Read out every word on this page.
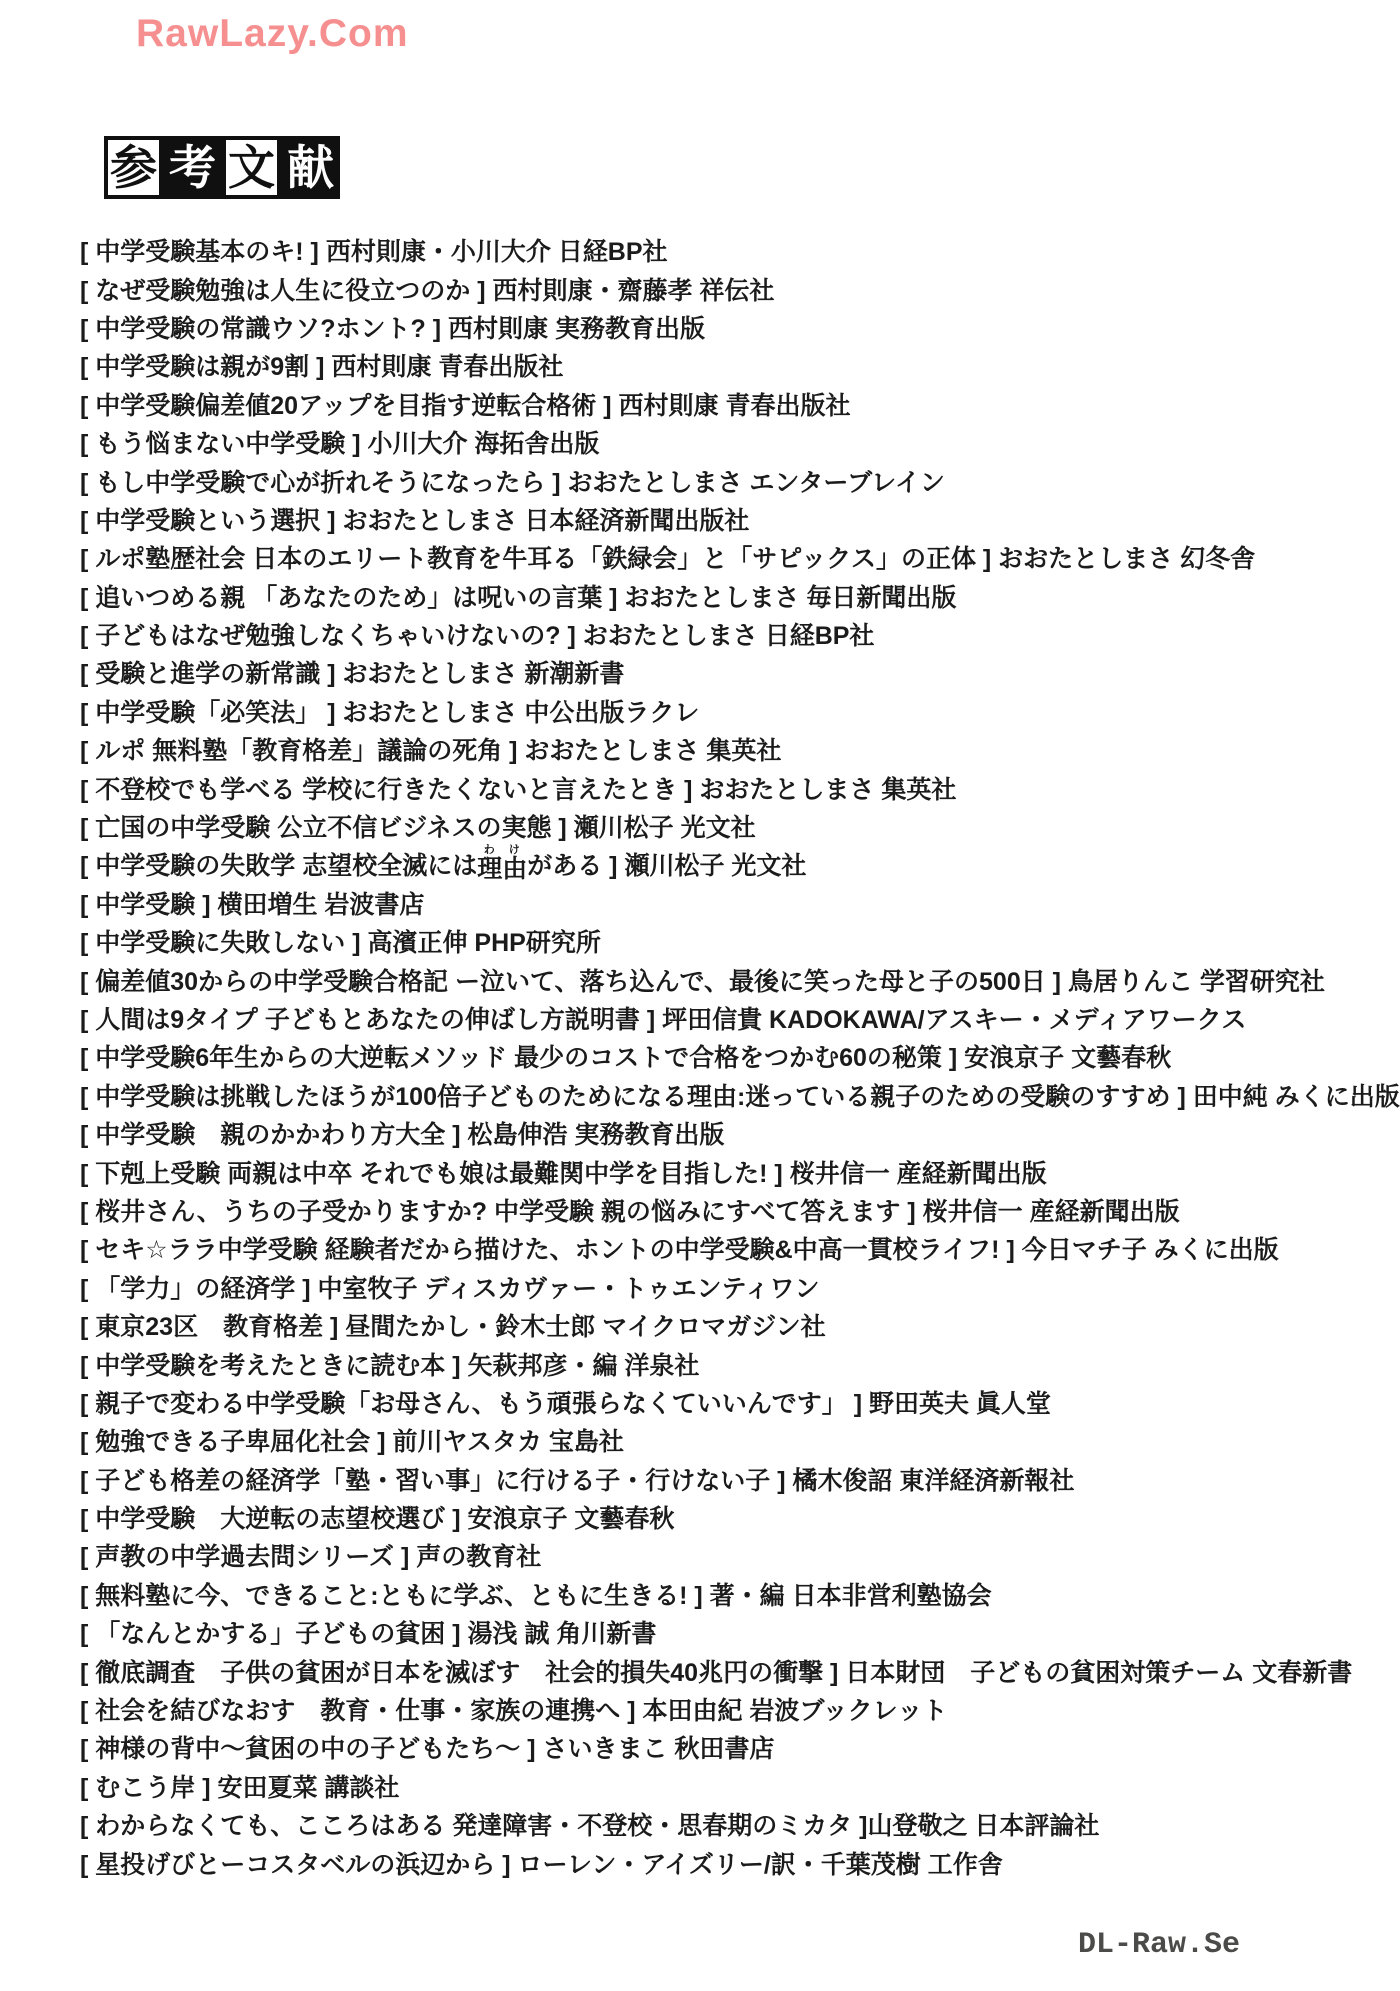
RawLazy.Com
参 考 文 献
[ 中学受験基本のキ! ] 西村則康・小川大介 日経BP社
[ なぜ受験勉強は人生に役立つのか ] 西村則康・齋藤孝 祥伝社
[ 中学受験の常識ウソ?ホント? ] 西村則康 実務教育出版
[ 中学受験は親が9割 ] 西村則康 青春出版社
[ 中学受験偏差値20アップを目指す逆転合格術 ] 西村則康 青春出版社
[ もう悩まない中学受験 ] 小川大介 海拓舎出版
[ もし中学受験で心が折れそうになったら ] おおたとしまさ エンターブレイン
[ 中学受験という選択 ] おおたとしまさ 日本経済新聞出版社
[ ルポ塾歴社会 日本のエリート教育を牛耳る「鉄緑会」と「サピックス」の正体 ] おおたとしまさ 幻冬舎
[ 追いつめる親 「あなたのため」は呪いの言葉 ] おおたとしまさ 毎日新聞出版
[ 子どもはなぜ勉強しなくちゃいけないの? ] おおたとしまさ 日経BP社
[ 受験と進学の新常識 ] おおたとしまさ 新潮新書
[ 中学受験「必笑法」 ] おおたとしまさ 中公出版ラクレ
[ ルポ 無料塾「教育格差」議論の死角 ] おおたとしまさ 集英社
[ 不登校でも学べる 学校に行きたくないと言えたとき ] おおたとしまさ 集英社
[ 亡国の中学受験 公立不信ビジネスの実態 ] 瀬川松子 光文社
[ 中学受験の失敗学 志望校全滅には 理由わけ
がある ] 瀬川松子 光文社
[ 中学受験 ] 横田増生 岩波書店
[ 中学受験に失敗しない ] 高濱正伸 PHP研究所
[ 偏差値30からの中学受験合格記 ー泣いて、落ち込んで、最後に笑った母と子の500日 ] 鳥居りんこ 学習研究社
[ 人間は9タイプ 子どもとあなたの伸ばし方説明書 ] 坪田信貴 KADOKAWA/アスキー・メディアワークス
[ 中学受験6年生からの大逆転メソッド 最少のコストで合格をつかむ60の秘策 ] 安浪京子 文藝春秋
[ 中学受験は挑戦したほうが100倍子どものためになる理由:迷っている親子のための受験のすすめ ] 田中純 みくに出版
[ 中学受験　親のかかわり方大全 ] 松島伸浩 実務教育出版
[ 下剋上受験 両親は中卒 それでも娘は最難関中学を目指した! ] 桜井信一 産経新聞出版
[ 桜井さん、うちの子受かりますか? 中学受験 親の悩みにすべて答えます ] 桜井信一 産経新聞出版
[ セキ☆ララ中学受験 経験者だから描けた、ホントの中学受験&中高一貫校ライフ! ] 今日マチ子 みくに出版
[ 「学力」の経済学 ] 中室牧子 ディスカヴァー・トゥエンティワン
[ 東京23区　教育格差 ] 昼間たかし・鈴木士郎 マイクロマガジン社
[ 中学受験を考えたときに読む本 ] 矢萩邦彦・編 洋泉社
[ 親子で変わる中学受験「お母さん、もう頑張らなくていいんです」 ] 野田英夫 眞人堂
[ 勉強できる子卑屈化社会 ] 前川ヤスタカ 宝島社
[ 子ども格差の経済学「塾・習い事」に行ける子・行けない子 ] 橘木俊詔 東洋経済新報社
[ 中学受験　大逆転の志望校選び ] 安浪京子 文藝春秋
[ 声教の中学過去問シリーズ ] 声の教育社
[ 無料塾に今、できること:ともに学ぶ、ともに生きる! ] 著・編 日本非営利塾協会
[ 「なんとかする」子どもの貧困 ] 湯浅 誠 角川新書
[ 徹底調査　子供の貧困が日本を滅ぼす　社会的損失40兆円の衝撃 ] 日本財団　子どもの貧困対策チーム 文春新書
[ 社会を結びなおす　教育・仕事・家族の連携へ ] 本田由紀 岩波ブックレット
[ 神様の背中〜貧困の中の子どもたち〜 ] さいきまこ 秋田書店
[ むこう岸 ] 安田夏菜 講談社
[ わからなくても、こころはある 発達障害・不登校・思春期のミカタ ]山登敬之 日本評論社
[ 星投げびとーコスタベルの浜辺から ] ローレン・アイズリー/訳・千葉茂樹 工作舎
DL-Raw.Se
